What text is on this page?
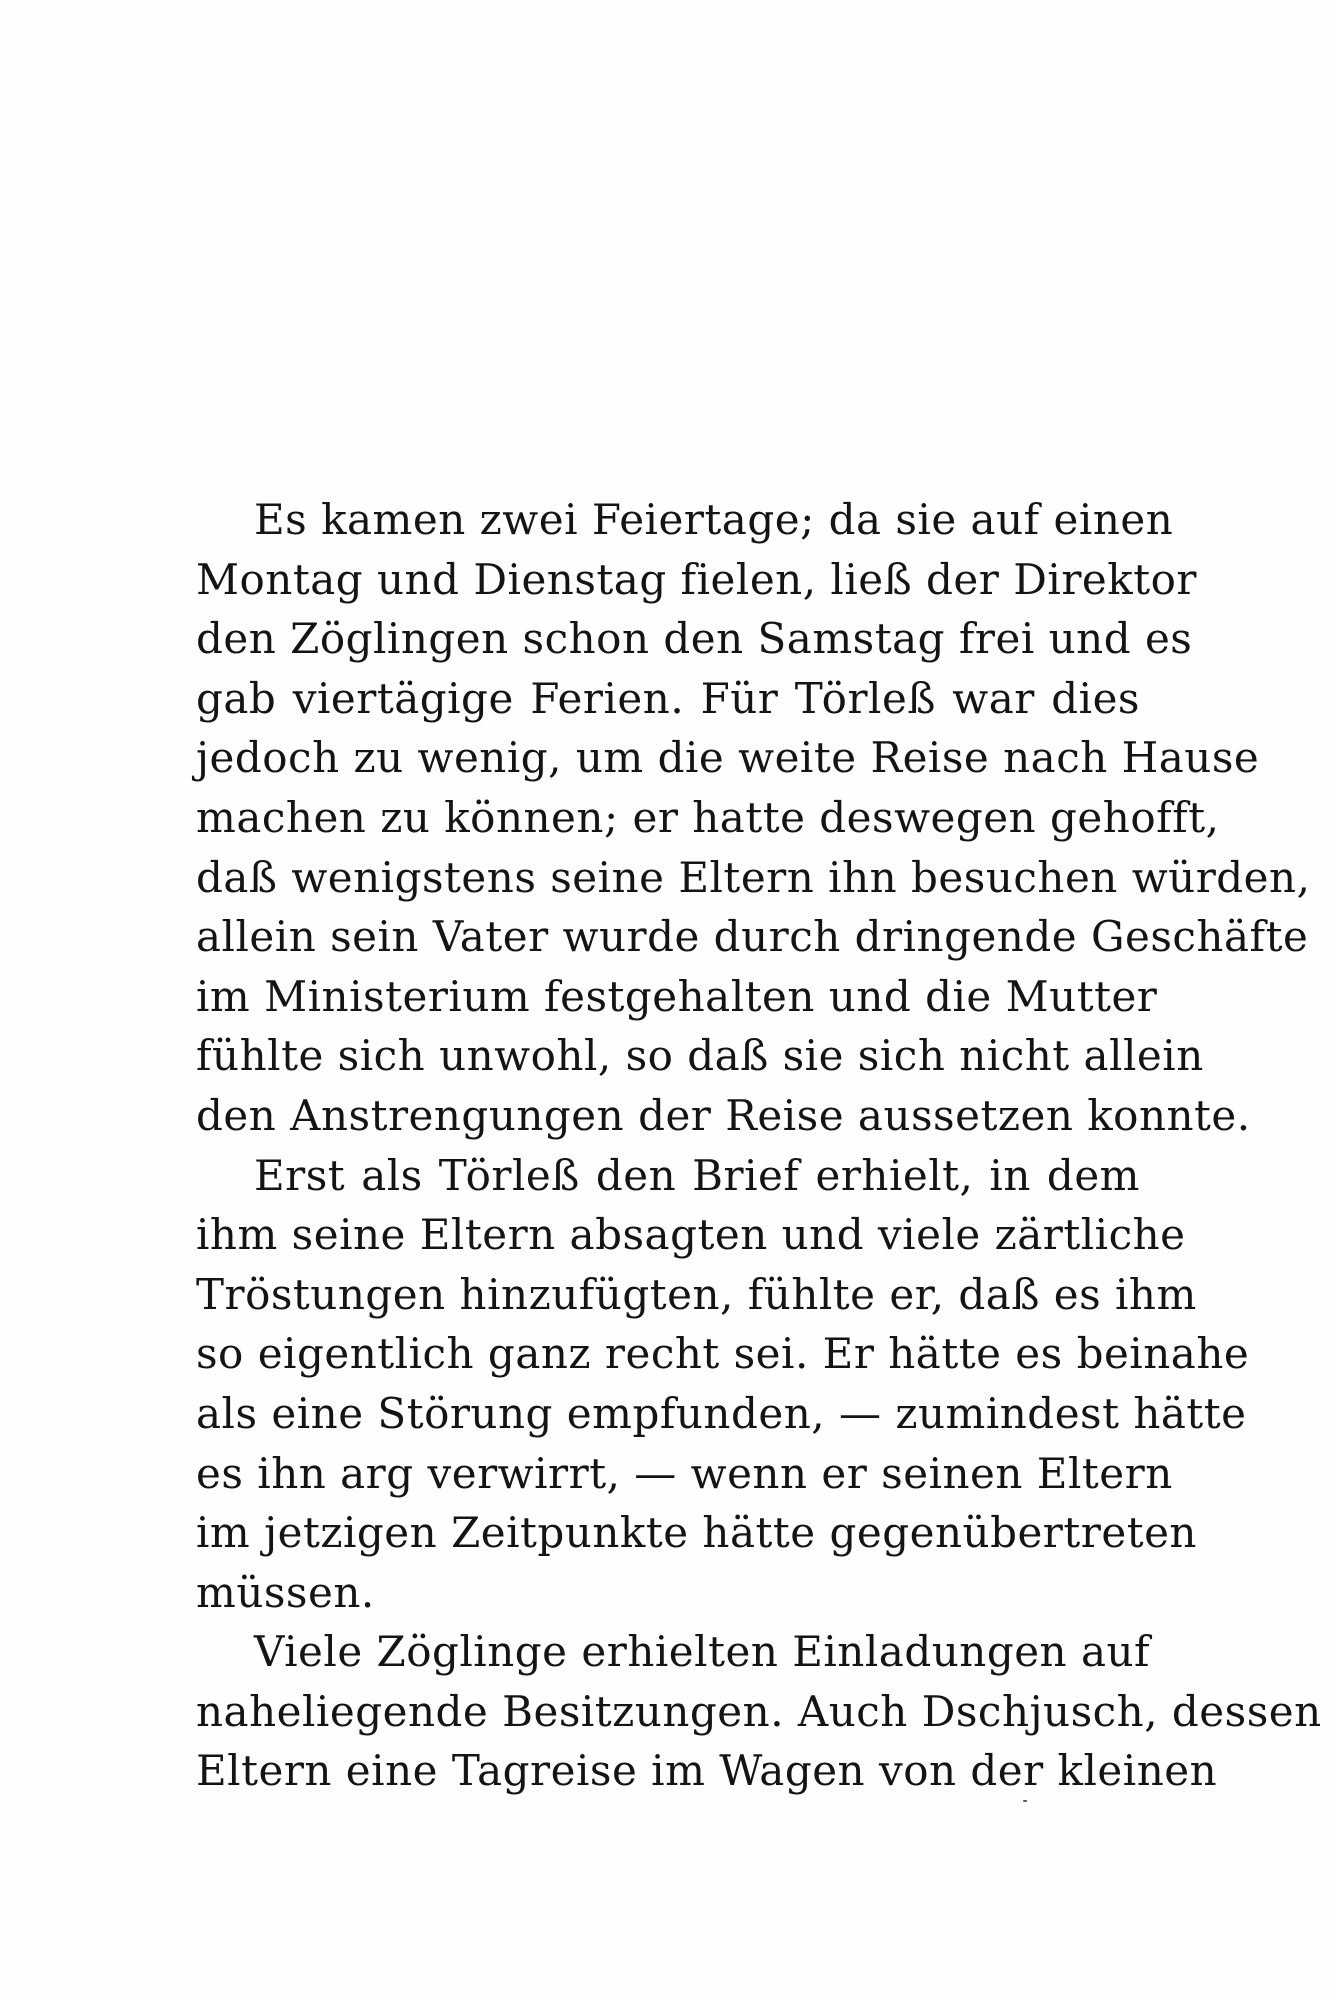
Es kamen zwei Feiertage; da sie auf einen
Montag und Dienstag fielen, ließ der Direktor
den Zöglingen schon den Samstag frei und es
gab viertägige Ferien. Für Törleß war dies
jedoch zu wenig, um die weite Reise nach Hause
machen zu können; er hatte deswegen gehofft,
daß wenigstens seine Eltern ihn besuchen würden,
allein sein Vater wurde durch dringende Geschäfte
im Ministerium festgehalten und die Mutter
fühlte sich unwohl, so daß sie sich nicht allein
den Anstrengungen der Reise aussetzen konnte.
Erst als Törleß den Brief erhielt, in dem
ihm seine Eltern absagten und viele zärtliche
Tröstungen hinzufügten, fühlte er, daß es ihm
so eigentlich ganz recht sei. Er hätte es beinahe
als eine Störung empfunden, — zumindest hätte
es ihn arg verwirrt, — wenn er seinen Eltern
im jetzigen Zeitpunkte hätte gegenübertreten
müssen.
Viele Zöglinge erhielten Einladungen auf
naheliegende Besitzungen. Auch Dschjusch, dessen
Eltern eine Tagreise im Wagen von der kleinen
